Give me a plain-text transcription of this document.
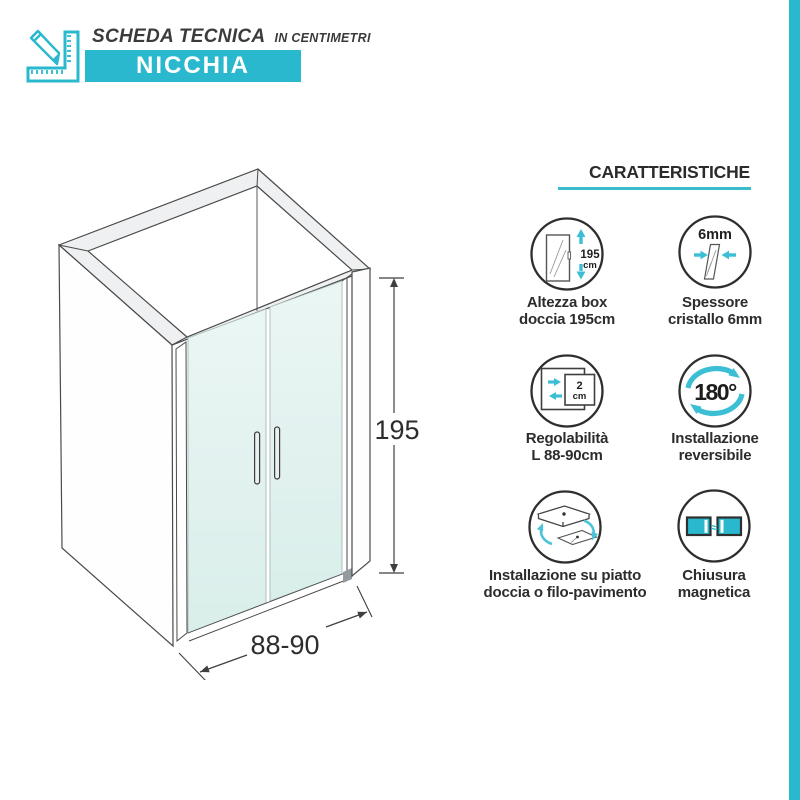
SCHEDA TECNICA IN CENTIMETRI
NICCHIA
195
88-90
CARATTERISTICHE
195
cm
Altezza box
doccia 195cm
6mm
Spessore
cristallo 6mm
2
cm
Regolabilità
L 88-90cm
180°
Installazione
reversibile
Installazione su piatto
doccia o filo-pavimento
≈
Chiusura
magnetica
